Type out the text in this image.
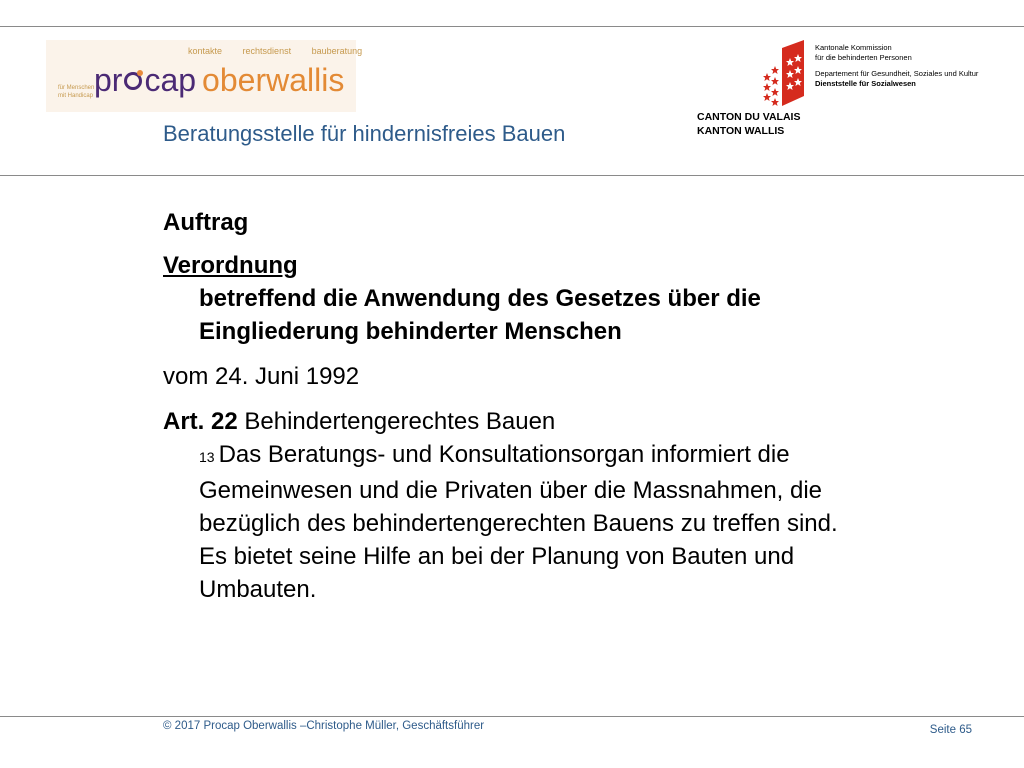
kontakte rechtsdienst bauberatung
pr cap oberwallis
für Menschen
mit Handicap
Beratungsstelle für hindernisfreies Bauen
CANTON DU VALAIS
KANTON WALLIS
Kantonale Kommission
für die behinderten Personen
Departement für Gesundheit, Soziales und Kultur
Dienststelle für Sozialwesen
Auftrag
Verordnung
betreffend die Anwendung des Gesetzes über die
Eingliederung behinderter Menschen
vom 24. Juni 1992
Art. 22 Behindertengerechtes Bauen
13 Das Beratungs- und Konsultationsorgan informiert die
Gemeinwesen und die Privaten über die Massnahmen, die
bezüglich des behindertengerechten Bauens zu treffen sind.
Es bietet seine Hilfe an bei der Planung von Bauten und
Umbauten.
© 2017 Procap Oberwallis –Christophe Müller, Geschäftsführer	Seite 65
